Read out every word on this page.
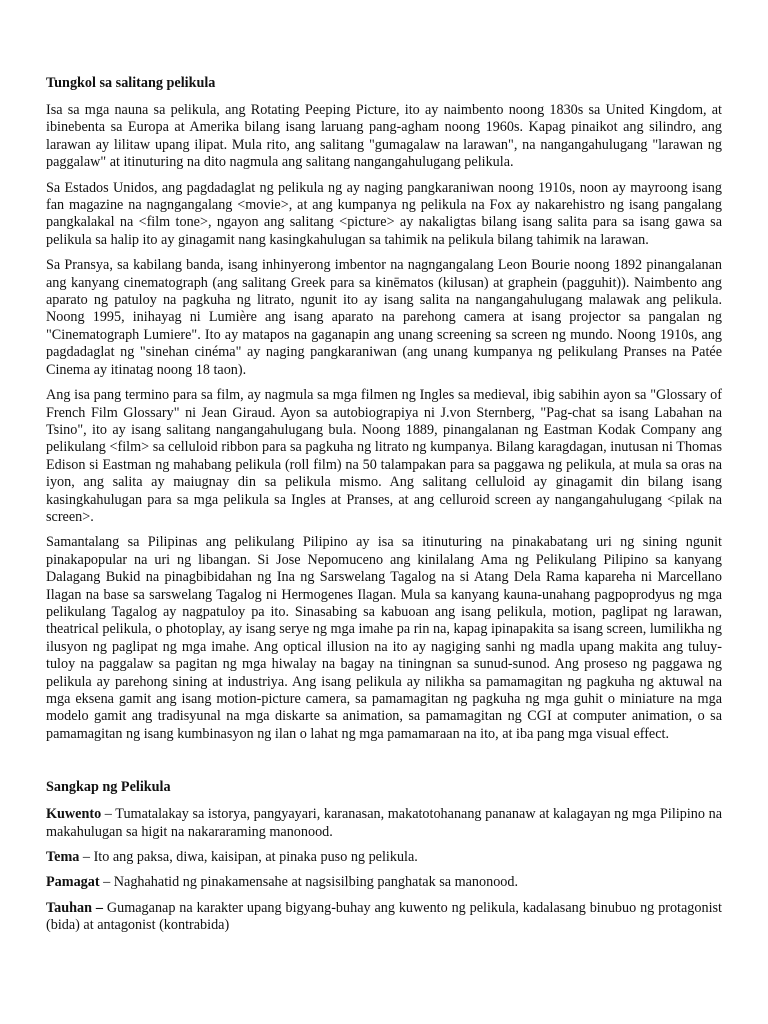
Tungkol sa salitang pelikula

Isa sa mga nauna sa pelikula, ang Rotating Peeping Picture, ito ay naimbento noong 1830s sa United Kingdom, at ibinebenta sa Europa at Amerika bilang isang laruang pang-agham noong 1960s. Kapag pinaikot ang silindro, ang larawan ay lilitaw upang ilipat. Mula rito, ang salitang "gumagalaw na larawan", na nangangahulugang "larawan ng paggalaw" at itinuturing na dito nagmula ang salitang nangangahulugang pelikula.

Sa Estados Unidos, ang pagdadaglat ng pelikula ng ay naging pangkaraniwan noong 1910s, noon ay mayroong isang fan magazine na nagngangalang <movie>, at ang kumpanya ng pelikula na Fox ay nakarehistro ng isang pangalang pangkalakal na <film tone>, ngayon ang salitang <picture> ay nakaligtas bilang isang salita para sa isang gawa sa pelikula sa halip ito ay ginagamit nang kasingkahulugan sa tahimik na pelikula bilang tahimik na larawan.

Sa Pransya, sa kabilang banda, isang inhinyerong imbentor na nagngangalang Leon Bourie noong 1892 pinangalanan ang kanyang cinematograph (ang salitang Greek para sa kinēmatos (kilusan) at graphein (pagguhit)). Naimbento ang aparato ng patuloy na pagkuha ng litrato, ngunit ito ay isang salita na nangangahulugang malawak ang pelikula. Noong 1995, inihayag ni Lumière ang isang aparato na parehong camera at isang projector sa pangalan ng "Cinematograph Lumiere". Ito ay matapos na gaganapin ang unang screening sa screen ng mundo. Noong 1910s, ang pagdadaglat ng "sinehan cinéma" ay naging pangkaraniwan (ang unang kumpanya ng pelikulang Pranses na Patée Cinema ay itinatag noong 18 taon).

Ang isa pang termino para sa film, ay nagmula sa mga filmen ng Ingles sa medieval, ibig sabihin ayon sa "Glossary of French Film Glossary" ni Jean Giraud. Ayon sa autobiograpiya ni J.von Sternberg, "Pag-chat sa isang Labahan na Tsino", ito ay isang salitang nangangahulugang bula. Noong 1889, pinangalanan ng Eastman Kodak Company ang pelikulang <film> sa celluloid ribbon para sa pagkuha ng litrato ng kumpanya. Bilang karagdagan, inutusan ni Thomas Edison si Eastman ng mahabang pelikula (roll film) na 50 talampakan para sa paggawa ng pelikula, at mula sa oras na iyon, ang salita ay maiugnay din sa pelikula mismo. Ang salitang celluloid ay ginagamit din bilang isang kasingkahulugan para sa mga pelikula sa Ingles at Pranses, at ang celluroid screen ay nangangahulugang <pilak na screen>.

Samantalang sa Pilipinas ang pelikulang Pilipino ay isa sa itinuturing na pinakabatang uri ng sining ngunit pinakapopular na uri ng libangan. Si Jose Nepomuceno ang kinilalang Ama ng Pelikulang Pilipino sa kanyang Dalagang Bukid na pinagbibidahan ng Ina ng Sarswelang Tagalog na si Atang Dela Rama kapareha ni Marcellano Ilagan na base sa sarswelang Tagalog ni Hermogenes Ilagan. Mula sa kanyang kauna-unahang pagpoprodyus ng mga pelikulang Tagalog ay nagpatuloy pa ito. Sinasabing sa kabuoan ang isang pelikula, motion, paglipat ng larawan, theatrical pelikula, o photoplay, ay isang serye ng mga imahe pa rin na, kapag ipinapakita sa isang screen, lumilikha ng ilusyon ng paglipat ng mga imahe. Ang optical illusion na ito ay nagiging sanhi ng madla upang makita ang tuluy-tuloy na paggalaw sa pagitan ng mga hiwalay na bagay na tiningnan sa sunud-sunod. Ang proseso ng paggawa ng pelikula ay parehong sining at industriya. Ang isang pelikula ay nilikha sa pamamagitan ng pagkuha ng aktuwal na mga eksena gamit ang isang motion-picture camera, sa pamamagitan ng pagkuha ng mga guhit o miniature na mga modelo gamit ang tradisyunal na mga diskarte sa animation, sa pamamagitan ng CGI at computer animation, o sa pamamagitan ng isang kumbinasyon ng ilan o lahat ng mga pamamaraan na ito, at iba pang mga visual effect.

Sangkap ng Pelikula

Kuwento – Tumatalakay sa istorya, pangyayari, karanasan, makatotohanang pananaw at kalagayan ng mga Pilipino na makahulugan sa higit na nakararaming manonood.

Tema – Ito ang paksa, diwa, kaisipan, at pinaka puso ng pelikula.

Pamagat – Naghahatid ng pinakamensahe at nagsisilbing panghatak sa manonood.

Tauhan – Gumaganap na karakter upang bigyang-buhay ang kuwento ng pelikula, kadalasang binubuo ng protagonist (bida) at antagonist (kontrabida)
